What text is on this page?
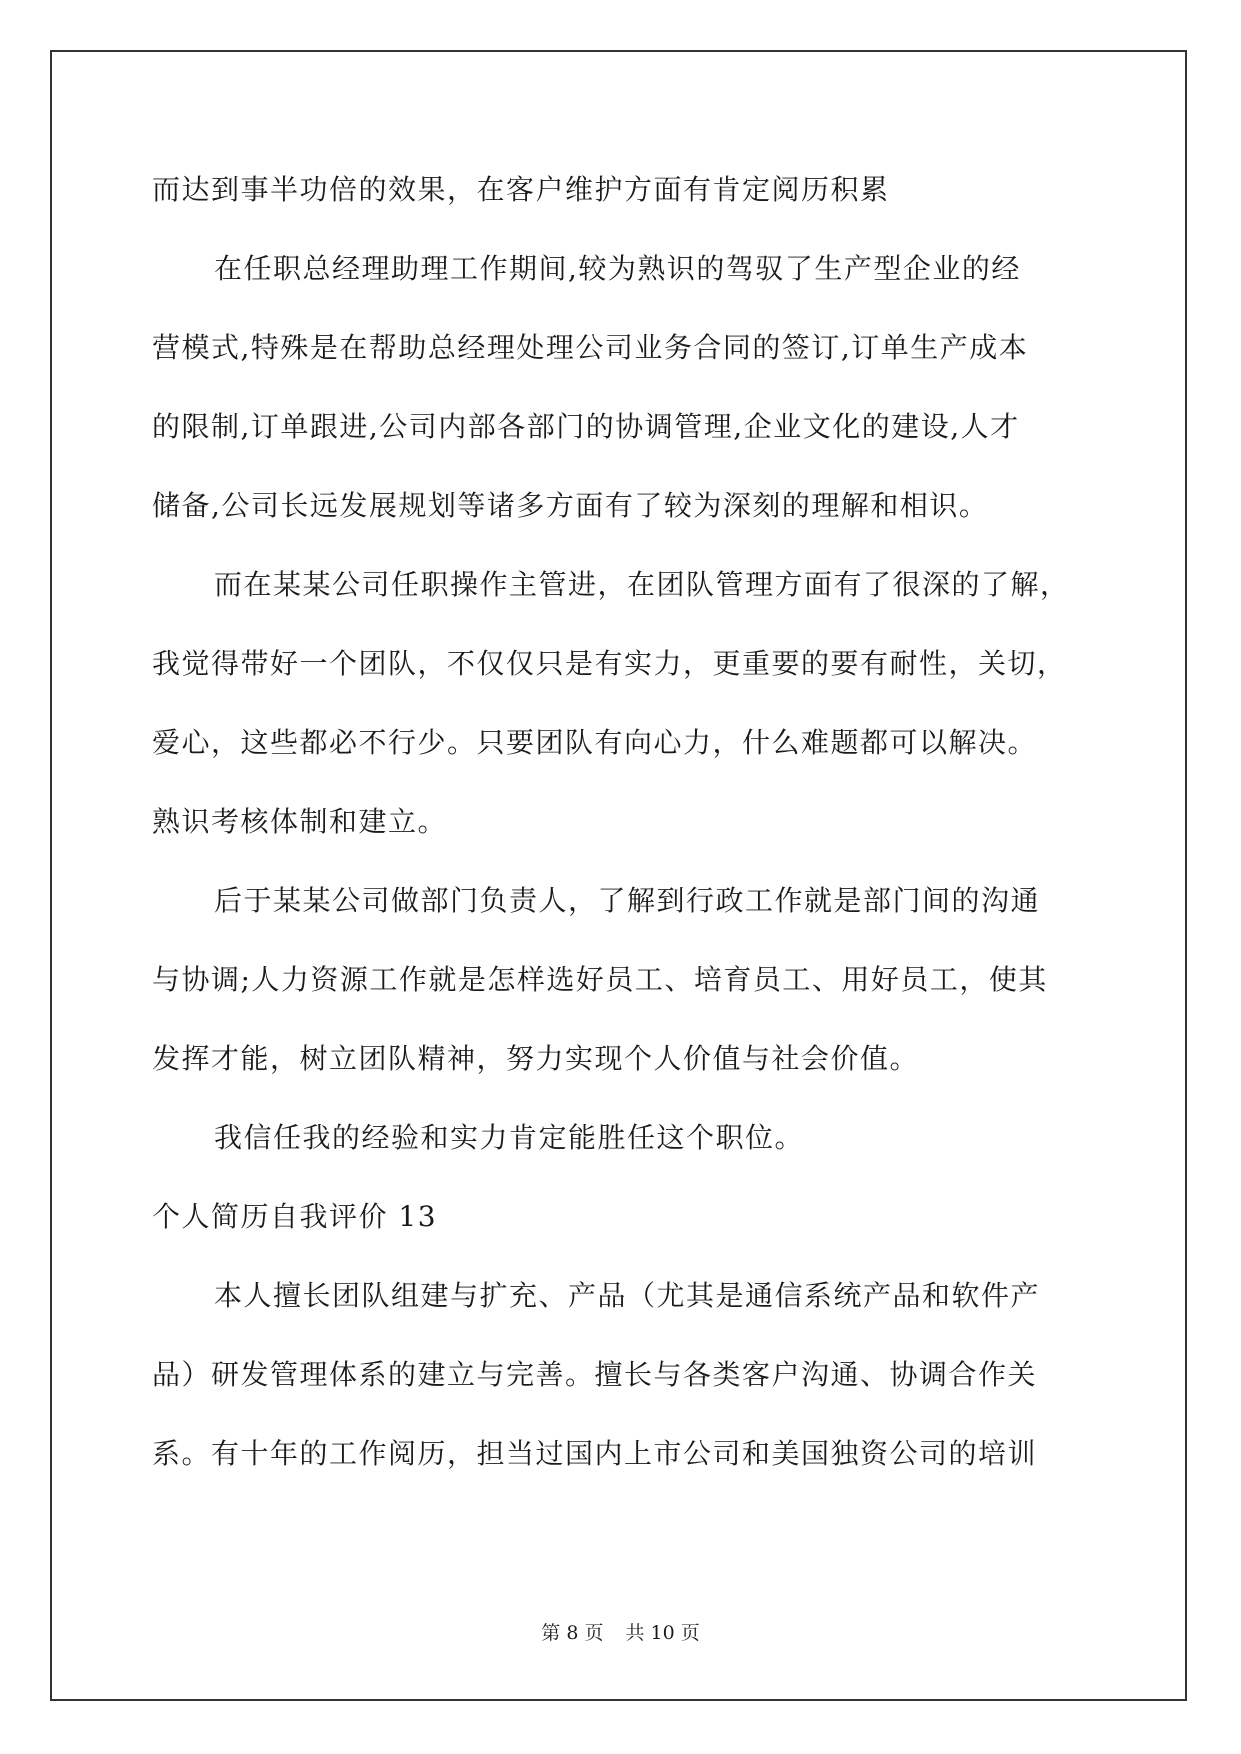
而达到事半功倍的效果，在客户维护方面有肯定阅历积累
在任职总经理助理工作期间,较为熟识的驾驭了生产型企业的经
营模式,特殊是在帮助总经理处理公司业务合同的签订,订单生产成本
的限制,订单跟进,公司内部各部门的协调管理,企业文化的建设,人才
储备,公司长远发展规划等诸多方面有了较为深刻的理解和相识。
而在某某公司任职操作主管进，在团队管理方面有了很深的了解，
我觉得带好一个团队，不仅仅只是有实力，更重要的要有耐性，关切，
爱心，这些都必不行少。只要团队有向心力，什么难题都可以解决。
熟识考核体制和建立。
后于某某公司做部门负责人，了解到行政工作就是部门间的沟通
与协调;人力资源工作就是怎样选好员工、培育员工、用好员工，使其
发挥才能，树立团队精神，努力实现个人价值与社会价值。
我信任我的经验和实力肯定能胜任这个职位。
个人简历自我评价 13
本人擅长团队组建与扩充、产品（尤其是通信系统产品和软件产
品）研发管理体系的建立与完善。擅长与各类客户沟通、协调合作关
系。有十年的工作阅历，担当过国内上市公司和美国独资公司的培训
第 8 页 共 10 页
